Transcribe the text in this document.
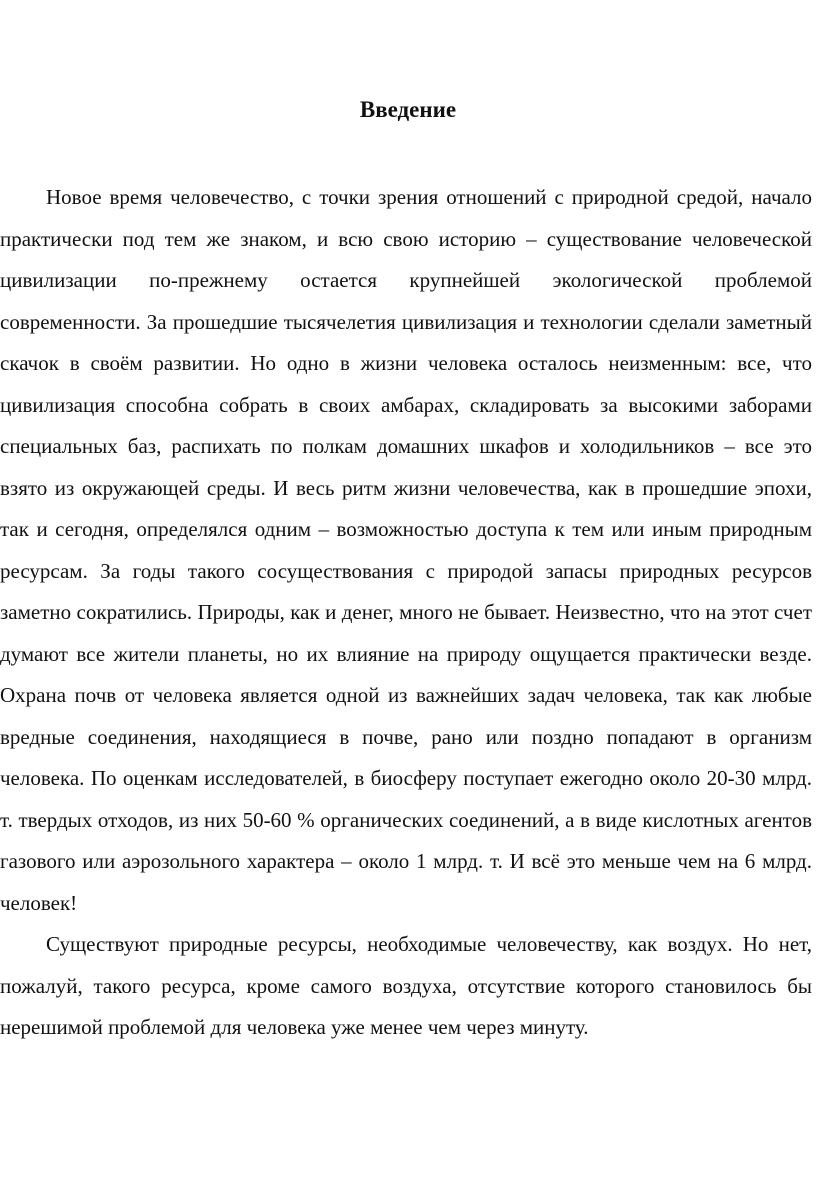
Введение

Новое время человечество, с точки зрения отношений с природной средой, начало практически под тем же знаком, и всю свою историю – существование человеческой цивилизации по-прежнему остается крупнейшей экологической проблемой современности. За прошедшие тысячелетия цивилизация и технологии сделали заметный скачок в своём развитии. Но одно в жизни человека осталось неизменным: все, что цивилизация способна собрать в своих амбарах, складировать за высокими заборами специальных баз, распихать по полкам домашних шкафов и холодильников – все это взято из окружающей среды. И весь ритм жизни человечества, как в прошедшие эпохи, так и сегодня, определялся одним – возможностью доступа к тем или иным природным ресурсам. За годы такого сосуществования с природой запасы природных ресурсов заметно сократились. Природы, как и денег, много не бывает. Неизвестно, что на этот счет думают все жители планеты, но их влияние на природу ощущается практически везде. Охрана почв от человека является одной из важнейших задач человека, так как любые вредные соединения, находящиеся в почве, рано или поздно попадают в организм человека. По оценкам исследователей, в биосферу поступает ежегодно около 20-30 млрд. т. твердых отходов, из них 50-60 % органических соединений, а в виде кислотных агентов газового или аэрозольного характера – около 1 млрд. т. И всё это меньше чем на 6 млрд. человек!

Существуют природные ресурсы, необходимые человечеству, как воздух. Но нет, пожалуй, такого ресурса, кроме самого воздуха, отсутствие которого становилось бы нерешимой проблемой для человека уже менее чем через минуту.
